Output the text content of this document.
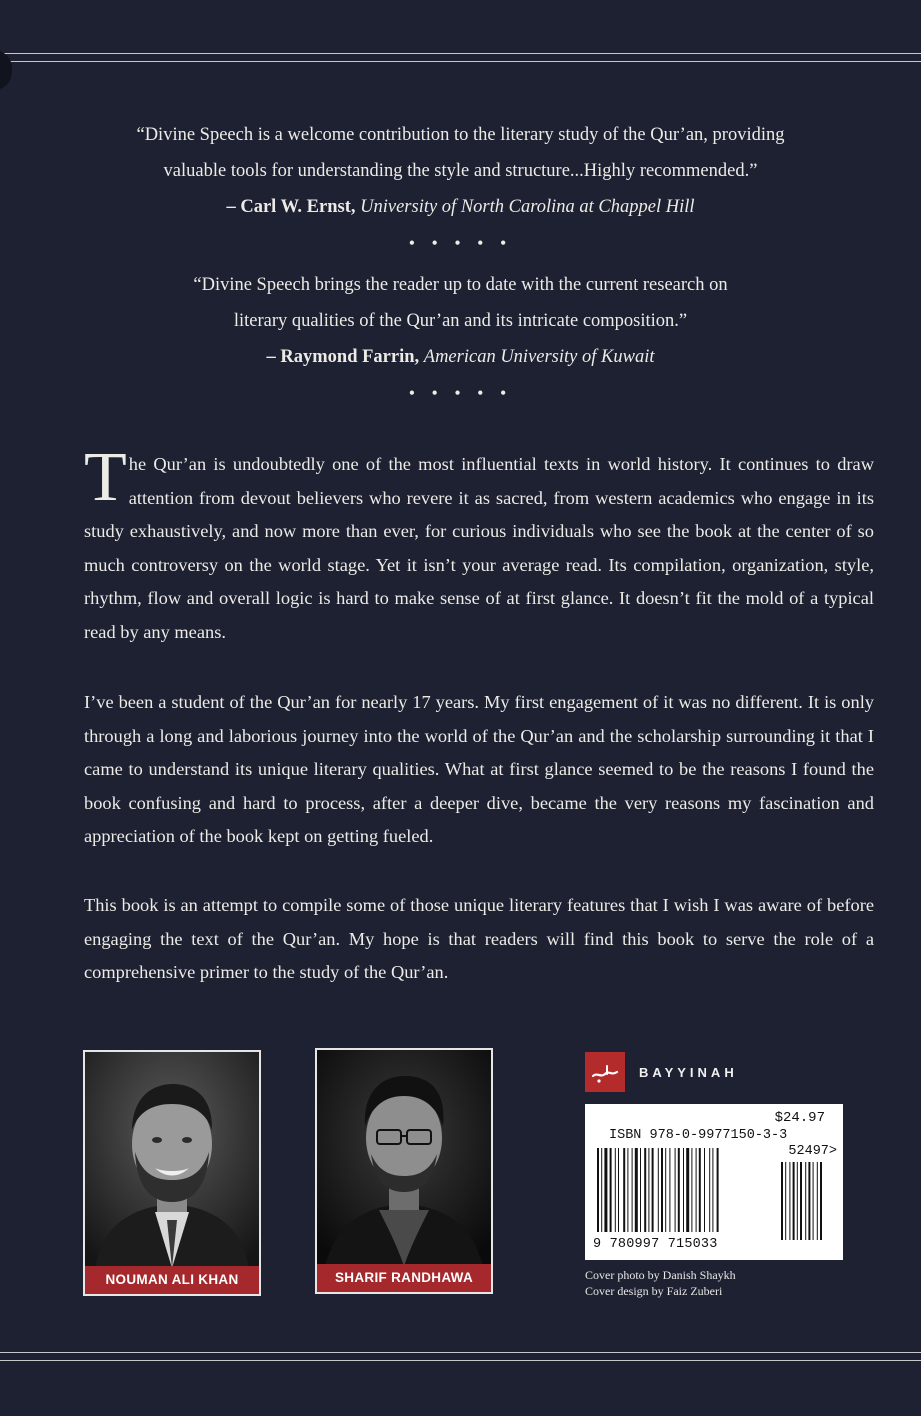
“Divine Speech is a welcome contribution to the literary study of the Qur’an, providing
valuable tools for understanding the style and structure...Highly recommended.”
– Carl W. Ernst, University of North Carolina at Chappel Hill
• • • • •
“Divine Speech brings the reader up to date with the current research on
literary qualities of the Qur’an and its intricate composition.”
– Raymond Farrin, American University of Kuwait
• • • • •

The Qur’an is undoubtedly one of the most influential texts in world history. It continues to draw attention from devout believers who revere it as sacred, from western academics who engage in its study exhaustively, and now more than ever, for curious individuals who see the book at the center of so much controversy on the world stage. Yet it isn’t your average read. Its compilation, organization, style, rhythm, flow and overall logic is hard to make sense of at first glance. It doesn’t fit the mold of a typical read by any means.

I’ve been a student of the Qur’an for nearly 17 years. My first engagement of it was no different. It is only through a long and laborious journey into the world of the Qur’an and the scholarship surrounding it that I came to understand its unique literary qualities. What at first glance seemed to be the reasons I found the book confusing and hard to process, after a deeper dive, became the very reasons my fascination and appreciation of the book kept on getting fueled.

This book is an attempt to compile some of those unique literary features that I wish I was aware of before engaging the text of the Qur’an. My hope is that readers will find this book to serve the role of a comprehensive primer to the study of the Qur’an.

NOUMAN ALI KHAN	SHARIF RANDHAWA
BAYYINAH
$24.97
ISBN 978-0-9977150-3-3
52497>
9 780997 715033
Cover photo by Danish Shaykh
Cover design by Faiz Zuberi
